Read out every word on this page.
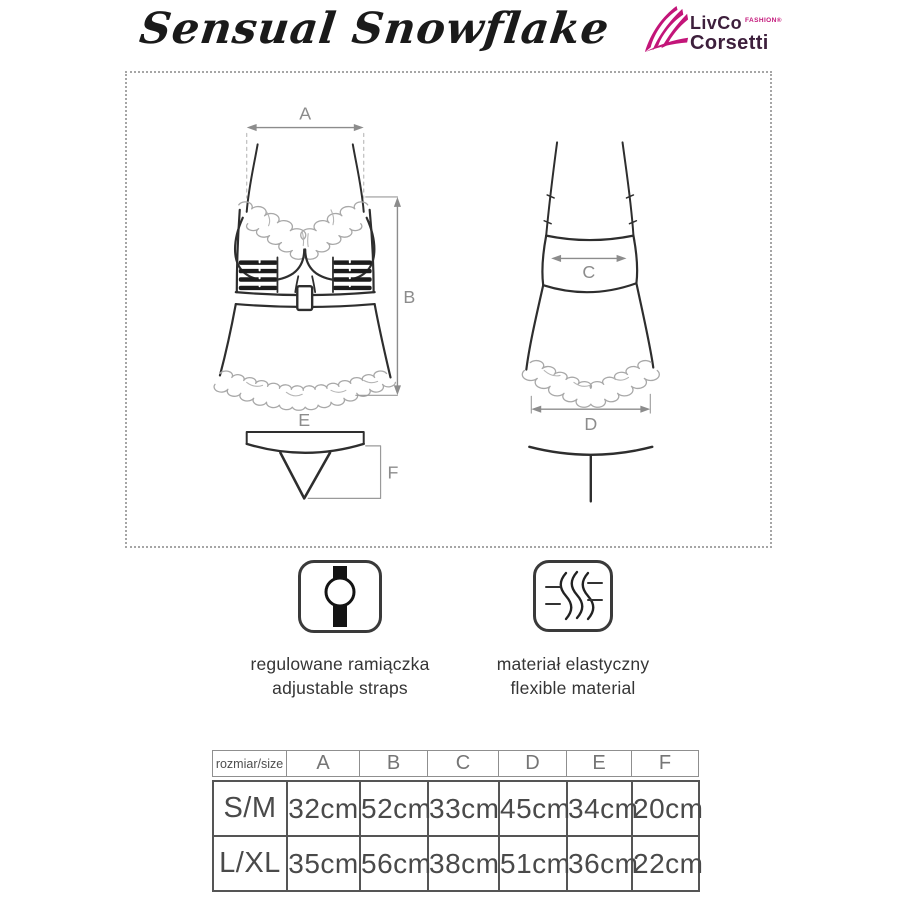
Sensual Snowflake	LivCo FASHION®
Corsetti
A
B
E
F
C
D
regulowane ramiączka
adjustable straps
materiał elastyczny
flexible material
rozmiar/size	A	B	C	D	E	F
S/M	32cm	52cm	33cm	45cm	34cm	20cm
L/XL	35cm	56cm	38cm	51cm	36cm	22cm
